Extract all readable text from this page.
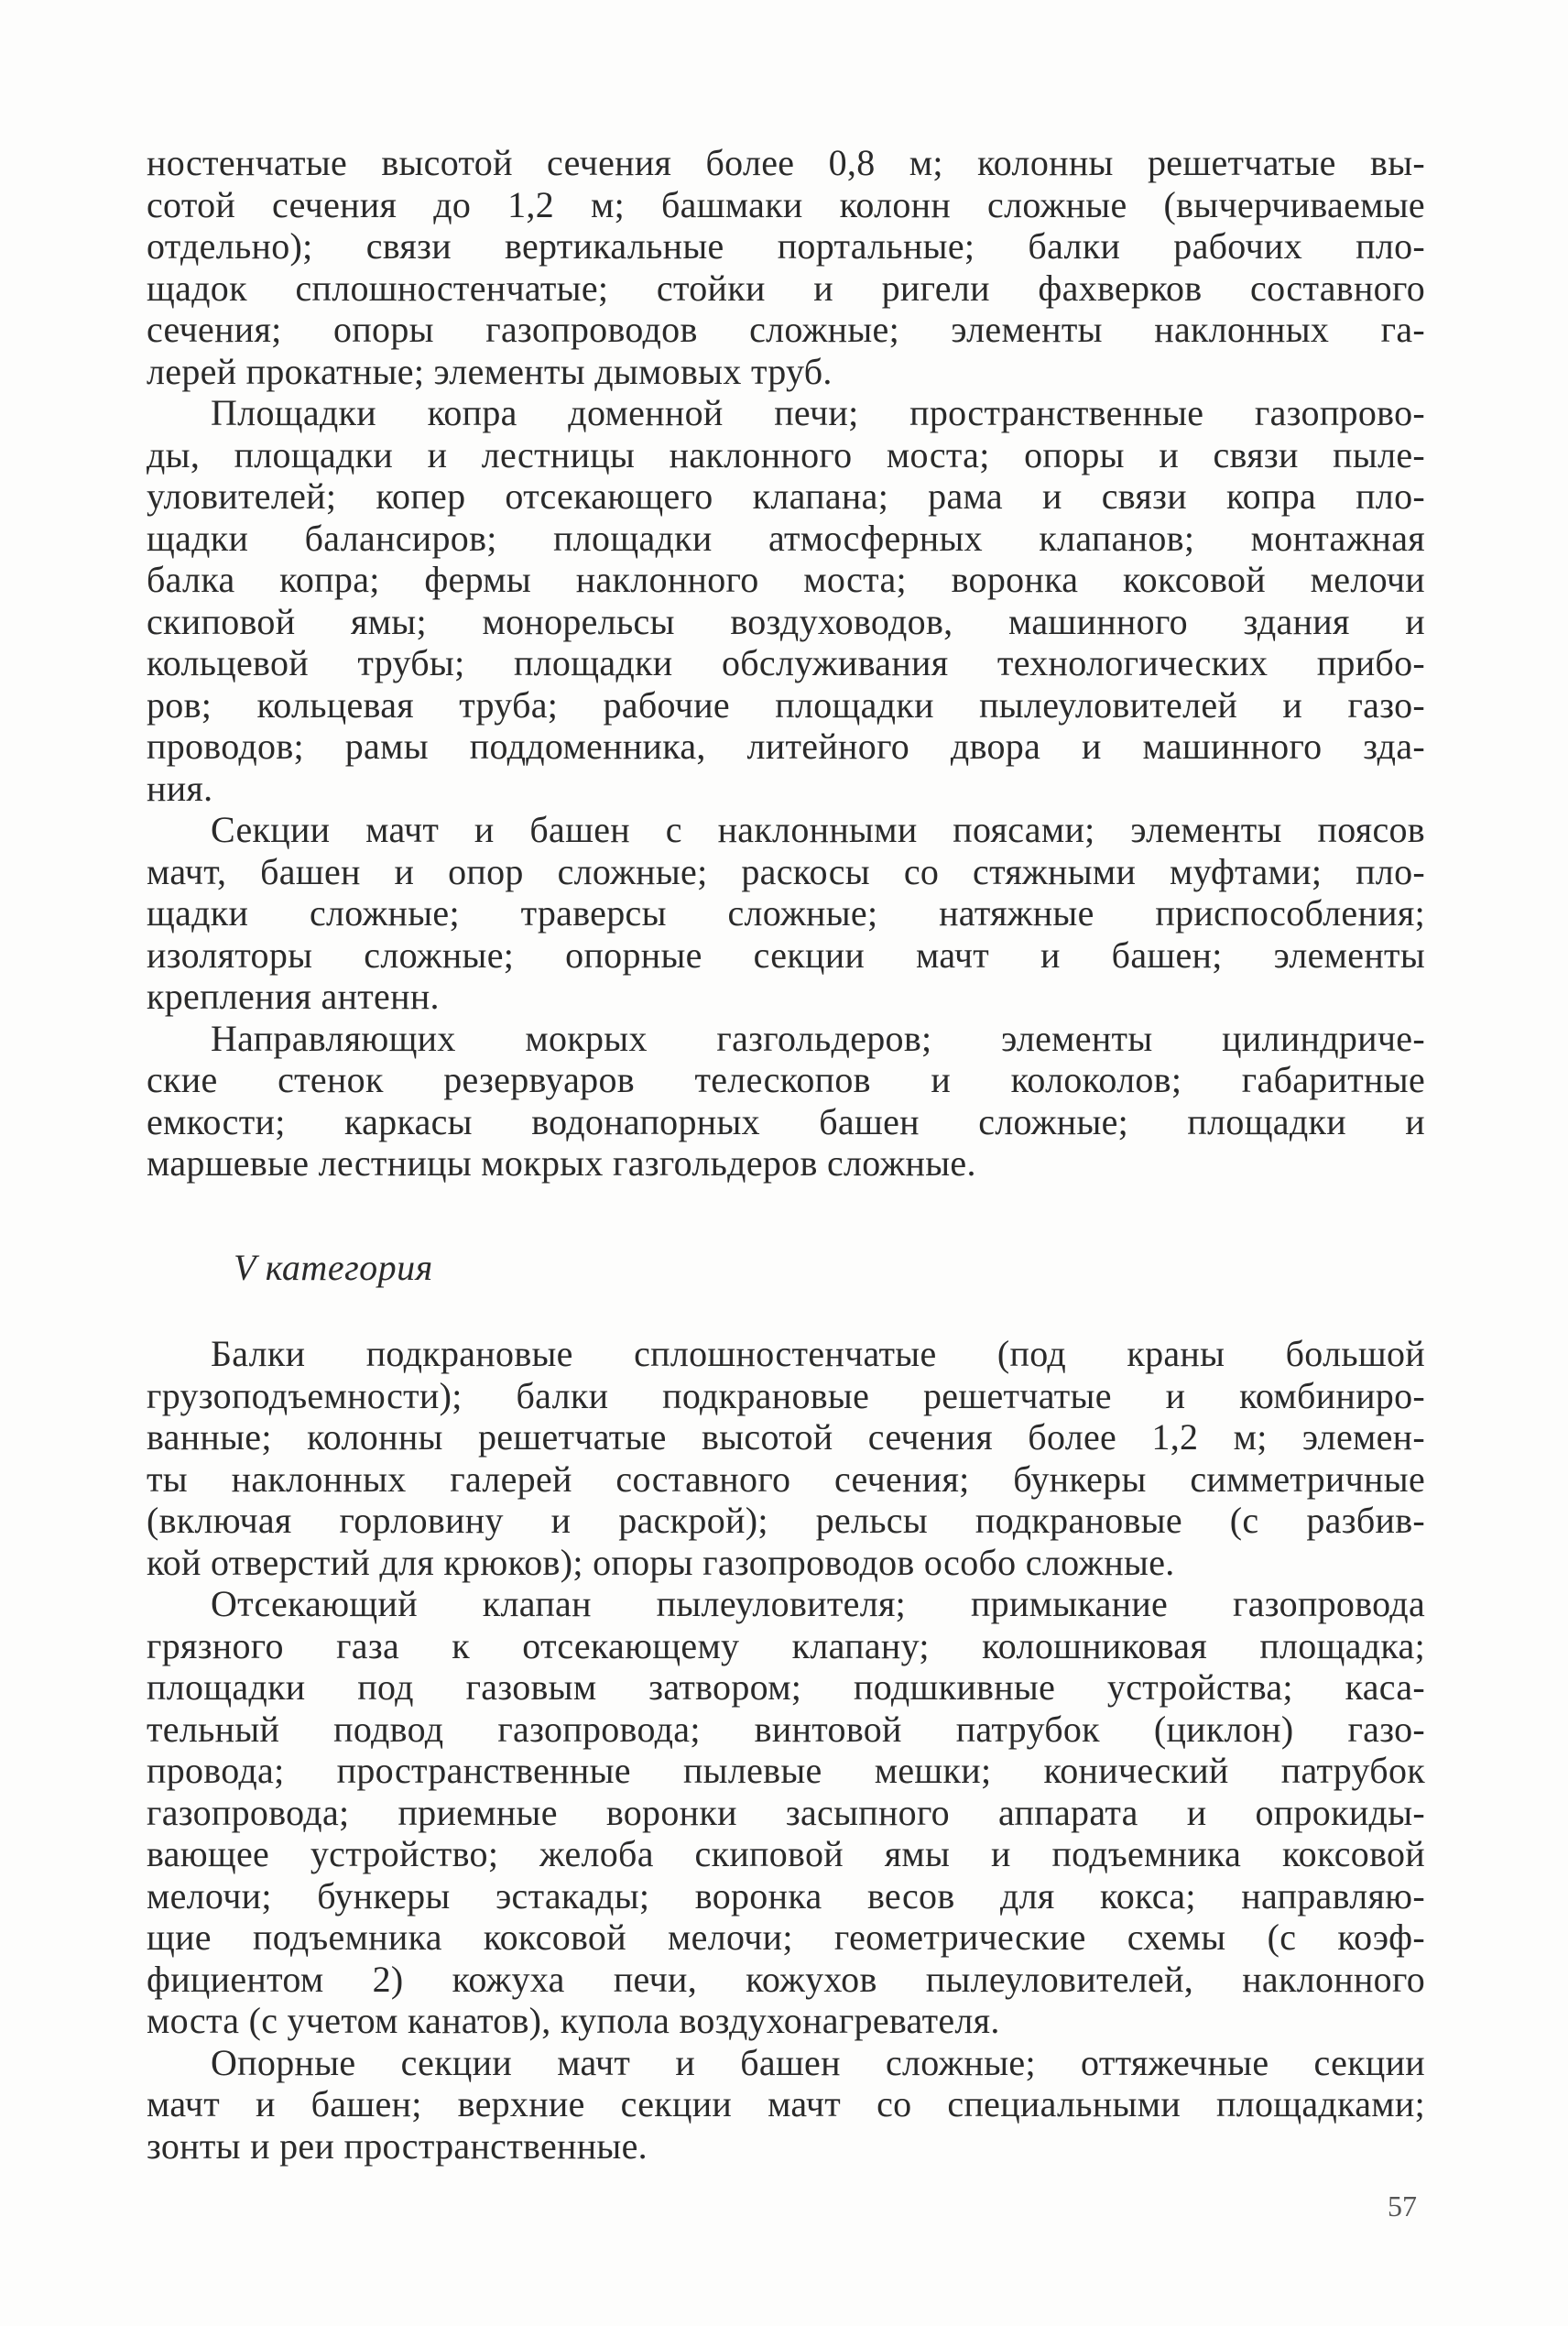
ностенчатые высотой сечения более 0,8 м; колонны решетчатые вы-
сотой сечения до 1,2 м; башмаки колонн сложные (вычерчиваемые
отдельно); связи вертикальные портальные; балки рабочих пло-
щадок сплошностенчатые; стойки и ригели фахверков составного
сечения; опоры газопроводов сложные; элементы наклонных га-
лерей прокатные; элементы дымовых труб.
Площадки копра доменной печи; пространственные газопрово-
ды, площадки и лестницы наклонного моста; опоры и связи пыле-
уловителей; копер отсекающего клапана; рама и связи копра пло-
щадки балансиров; площадки атмосферных клапанов; монтажная
балка копра; фермы наклонного моста; воронка коксовой мелочи
скиповой ямы; монорельсы воздуховодов, машинного здания и
кольцевой трубы; площадки обслуживания технологических прибо-
ров; кольцевая труба; рабочие площадки пылеуловителей и газо-
проводов; рамы поддоменника, литейного двора и машинного зда-
ния.
Секции мачт и башен с наклонными поясами; элементы поясов
мачт, башен и опор сложные; раскосы со стяжными муфтами; пло-
щадки сложные; траверсы сложные; натяжные приспособления;
изоляторы сложные; опорные секции мачт и башен; элементы
крепления антенн.
Направляющих мокрых газгольдеров; элементы цилиндриче-
ские стенок резервуаров телескопов и колоколов; габаритные
емкости; каркасы водонапорных башен сложные; площадки и
маршевые лестницы мокрых газгольдеров сложные.
V категория
Балки подкрановые сплошностенчатые (под краны большой
грузоподъемности); балки подкрановые решетчатые и комбиниро-
ванные; колонны решетчатые высотой сечения более 1,2 м; элемен-
ты наклонных галерей составного сечения; бункеры симметричные
(включая горловину и раскрой); рельсы подкрановые (с разбив-
кой отверстий для крюков); опоры газопроводов особо сложные.
Отсекающий клапан пылеуловителя; примыкание газопровода
грязного газа к отсекающему клапану; колошниковая площадка;
площадки под газовым затвором; подшкивные устройства; каса-
тельный подвод газопровода; винтовой патрубок (циклон) газо-
провода; пространственные пылевые мешки; конический патрубок
газопровода; приемные воронки засыпного аппарата и опрокиды-
вающее устройство; желоба скиповой ямы и подъемника коксовой
мелочи; бункеры эстакады; воронка весов для кокса; направляю-
щие подъемника коксовой мелочи; геометрические схемы (с коэф-
фициентом 2) кожуха печи, кожухов пылеуловителей, наклонного
моста (с учетом канатов), купола воздухонагревателя.
Опорные секции мачт и башен сложные; оттяжечные секции
мачт и башен; верхние секции мачт со специальными площадками;
зонты и реи пространственные.
57
